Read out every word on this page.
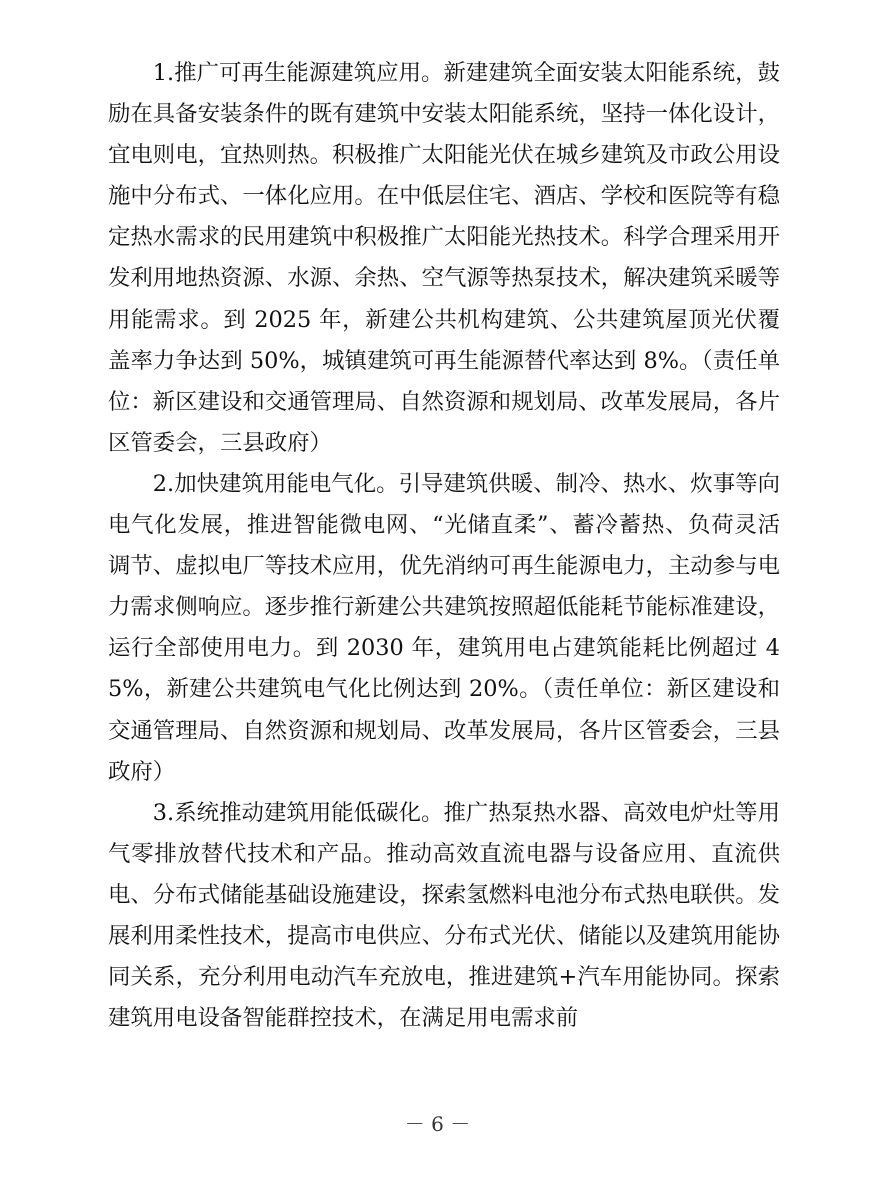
1.推广可再生能源建筑应用。新建建筑全面安装太阳能系统，鼓励在具备安装条件的既有建筑中安装太阳能系统，坚持一体化设计，宜电则电，宜热则热。积极推广太阳能光伏在城乡建筑及市政公用设施中分布式、一体化应用。在中低层住宅、酒店、学校和医院等有稳定热水需求的民用建筑中积极推广太阳能光热技术。科学合理采用开发利用地热资源、水源、余热、空气源等热泵技术，解决建筑采暖等用能需求。到 2025 年，新建公共机构建筑、公共建筑屋顶光伏覆盖率力争达到 50%，城镇建筑可再生能源替代率达到 8%。（责任单位：新区建设和交通管理局、自然资源和规划局、改革发展局，各片区管委会，三县政府）

2.加快建筑用能电气化。引导建筑供暖、制冷、热水、炊事等向电气化发展，推进智能微电网、“光储直柔”、蓄冷蓄热、负荷灵活调节、虚拟电厂等技术应用，优先消纳可再生能源电力，主动参与电力需求侧响应。逐步推行新建公共建筑按照超低能耗节能标准建设，运行全部使用电力。到 2030 年，建筑用电占建筑能耗比例超过 45%，新建公共建筑电气化比例达到 20%。（责任单位：新区建设和交通管理局、自然资源和规划局、改革发展局，各片区管委会，三县政府）

3.系统推动建筑用能低碳化。推广热泵热水器、高效电炉灶等用气零排放替代技术和产品。推动高效直流电器与设备应用、直流供电、分布式储能基础设施建设，探索氢燃料电池分布式热电联供。发展利用柔性技术，提高市电供应、分布式光伏、储能以及建筑用能协同关系，充分利用电动汽车充放电，推进建筑+汽车用能协同。探索建筑用电设备智能群控技术，在满足用电需求前

－ 6 －
